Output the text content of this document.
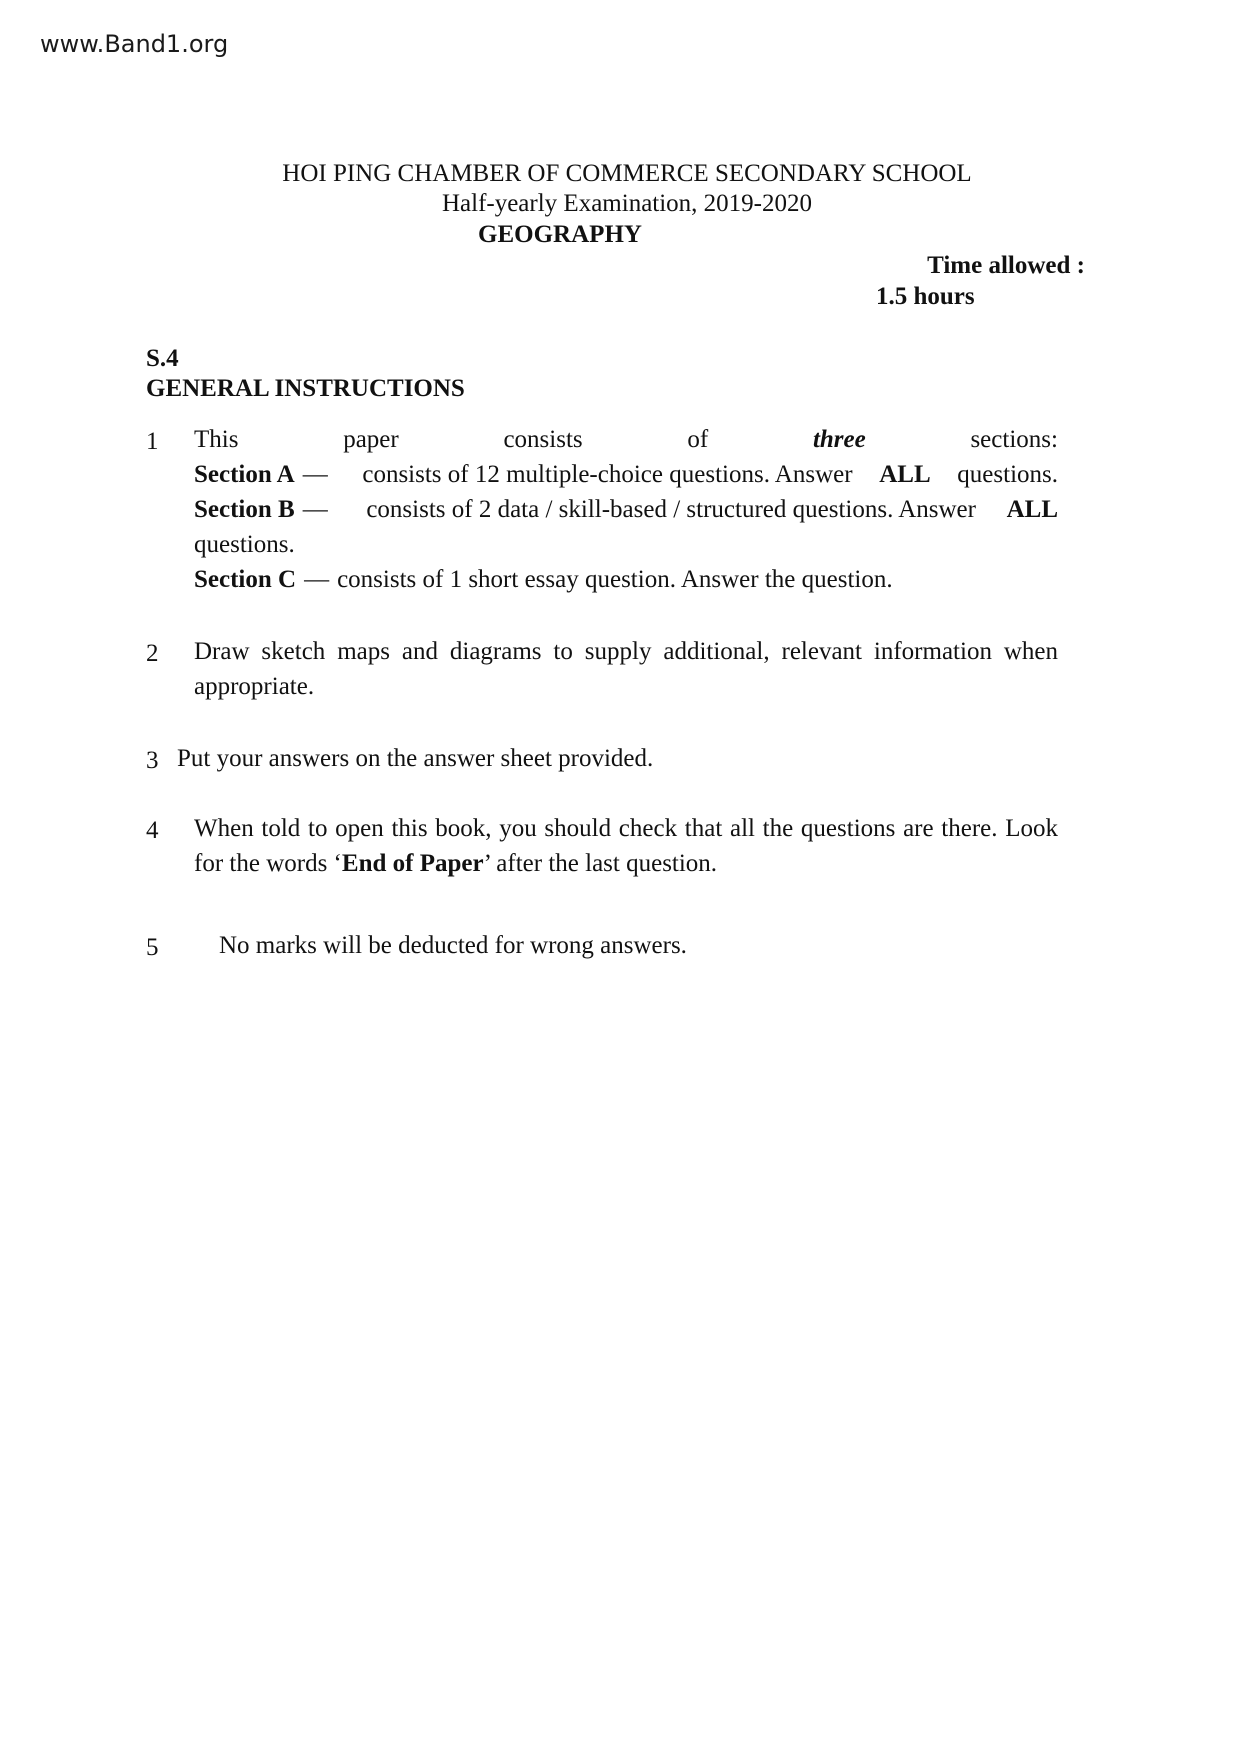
www.Band1.org
HOI PING CHAMBER OF COMMERCE SECONDARY SCHOOL
Half-yearly Examination, 2019-2020
GEOGRAPHY
Time allowed :
1.5 hours
S.4
GENERAL INSTRUCTIONS
1 This	paper	consists	of	three	sections:
Section A —	consists of 12 multiple-choice questions. Answer ALL questions.
Section B —	consists of 2 data / skill-based / structured questions. Answer ALL
questions.
Section C — consists of 1 short essay question. Answer the question.
2 Draw sketch maps and diagrams to supply additional, relevant information when appropriate.
3 Put your answers on the answer sheet provided.
4 When told to open this book, you should check that all the questions are there. Look for the words ‘End of Paper’ after the last question.
5 No marks will be deducted for wrong answers.
